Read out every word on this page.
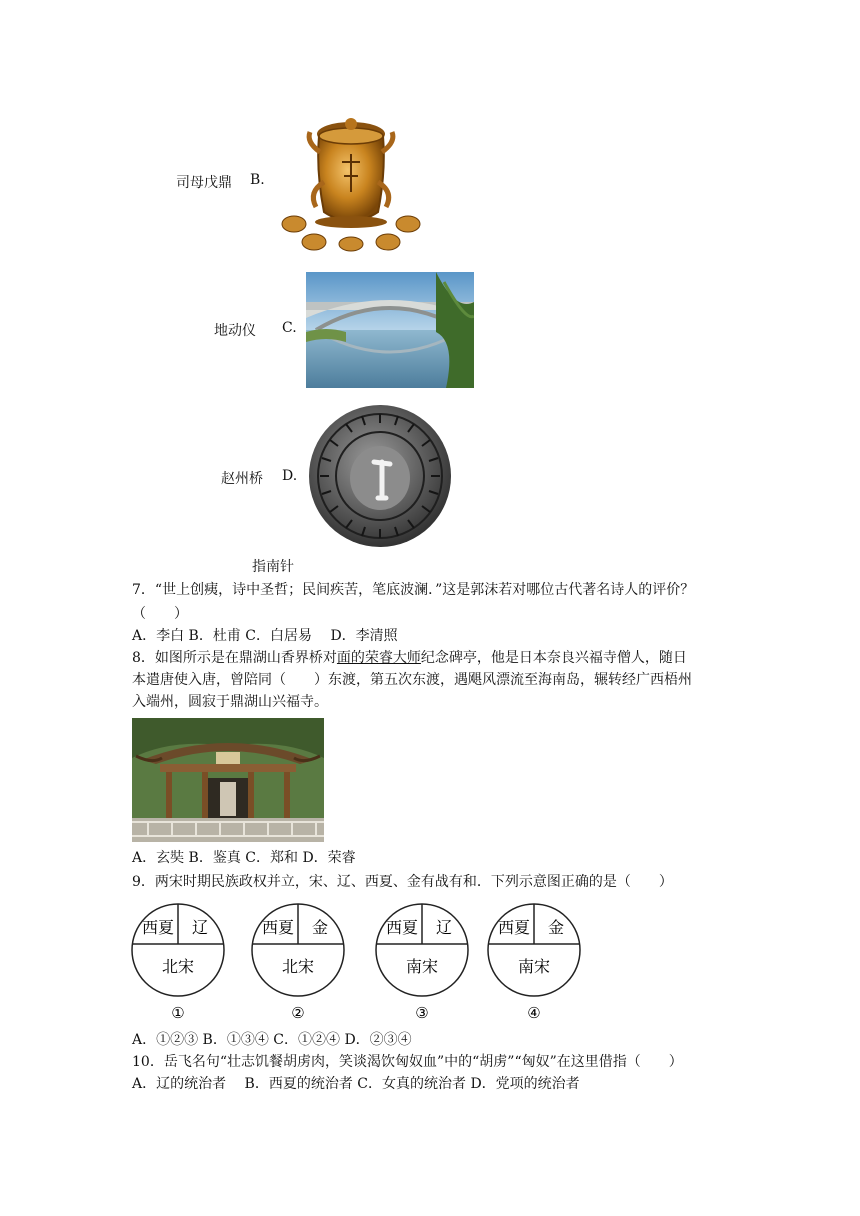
司母戊鼎 B.
地动仪 C.
赵州桥 D.
指南针
7．“世上创痍，诗中圣哲；民间疾苦，笔底波澜．”这是郭沫若对哪位古代著名诗人的评价？
（　　）
A．李白 B．杜甫 C．白居易　 D．李清照
8．如图所示是在鼎湖山香界桥对面的荣睿大师纪念碑亭，他是日本奈良兴福寺僧人，随日
本遣唐使入唐，曾陪同（　　）东渡，第五次东渡，遇飓风漂流至海南岛，辗转经广西梧州
入端州，圆寂于鼎湖山兴福寺。
A．玄奘 B．鉴真 C．郑和 D．荣睿
9．两宋时期民族政权并立，宋、辽、西夏、金有战有和．下列示意图正确的是（　　）
西夏 辽
北宋
①
西夏 金
北宋
②
西夏 辽
南宋
③
西夏 金
南宋
④
A．①②③ B．①③④ C．①②④ D．②③④
10．岳飞名句“壮志饥餐胡虏肉，笑谈渴饮匈奴血”中的“胡虏”“匈奴”在这里借指（　　）
A．辽的统治者　 B．西夏的统治者 C．女真的统治者 D．党项的统治者
